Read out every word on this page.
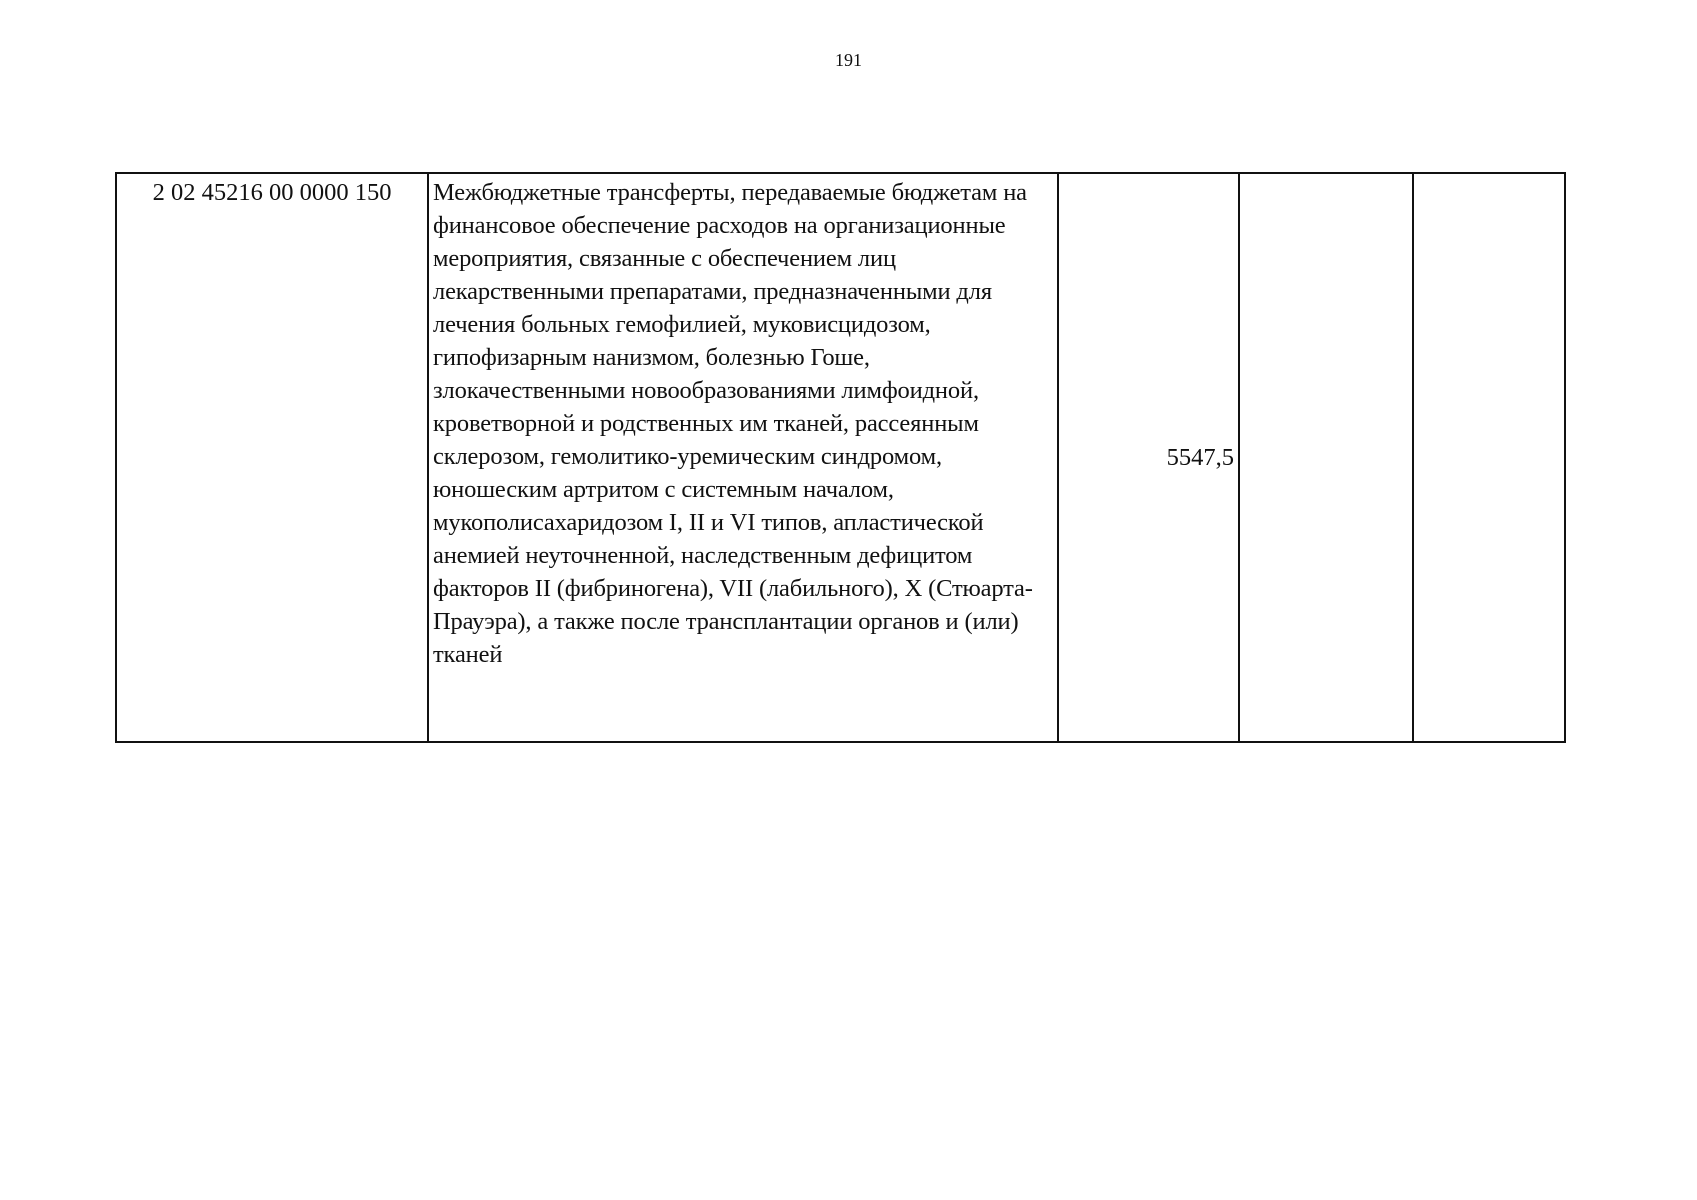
191
2 02 45216 00 0000 150	Межбюджетные трансферты, передаваемые бюджетам на финансовое обеспечение расходов на организационные мероприятия, связанные с обеспечением лиц лекарственными препаратами, предназначенными для лечения больных гемофилией, муковисцидозом, гипофизарным нанизмом, болезнью Гоше, злокачественными новообразованиями лимфоидной, кроветворной и родственных им тканей, рассеянным склерозом, гемолитико-уремическим синдромом, юношеским артритом с системным началом, мукополисахаридозом I, II и VI типов, апластической анемией неуточненной, наследственным дефицитом факторов II (фибриногена), VII (лабильного), X (Стюарта-Прауэра), а также после трансплантации органов и (или) тканей	5547,5		
